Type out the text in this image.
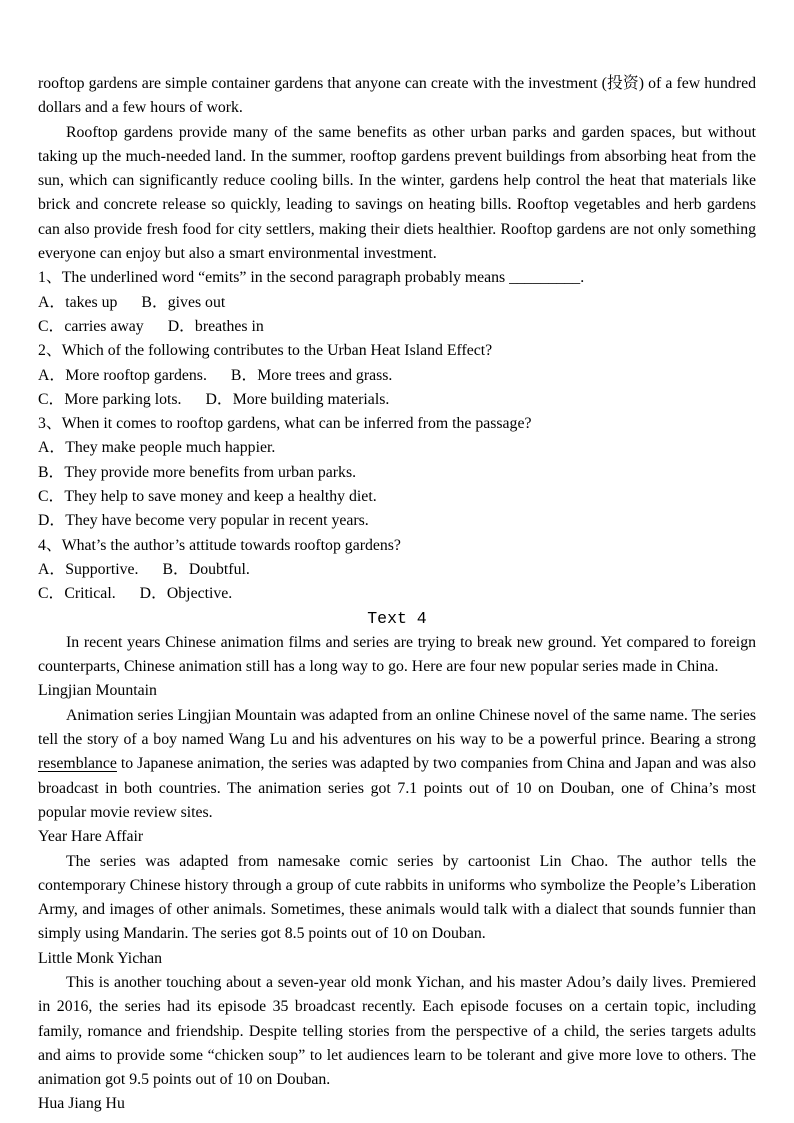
rooftop gardens are simple container gardens that anyone can create with the investment (投资) of a few hundred dollars and a few hours of work.

Rooftop gardens provide many of the same benefits as other urban parks and garden spaces, but without taking up the much-needed land. In the summer, rooftop gardens prevent buildings from absorbing heat from the sun, which can significantly reduce cooling bills. In the winter, gardens help control the heat that materials like brick and concrete release so quickly, leading to savings on heating bills. Rooftop vegetables and herb gardens can also provide fresh food for city settlers, making their diets healthier. Rooftop gardens are not only something everyone can enjoy but also a smart environmental investment.

1、The underlined word “emits” in the second paragraph probably means _________.

A．takes up B．gives out

C．carries away D．breathes in

2、Which of the following contributes to the Urban Heat Island Effect?

A．More rooftop gardens. B．More trees and grass.

C．More parking lots. D．More building materials.

3、When it comes to rooftop gardens, what can be inferred from the passage?

A．They make people much happier.

B．They provide more benefits from urban parks.

C．They help to save money and keep a healthy diet.

D．They have become very popular in recent years.

4、What’s the author’s attitude towards rooftop gardens?

A．Supportive. B．Doubtful.

C．Critical. D．Objective.

Text 4

In recent years Chinese animation films and series are trying to break new ground. Yet compared to foreign counterparts, Chinese animation still has a long way to go. Here are four new popular series made in China.

Lingjian Mountain

Animation series Lingjian Mountain was adapted from an online Chinese novel of the same name. The series tell the story of a boy named Wang Lu and his adventures on his way to be a powerful prince. Bearing a strong resemblance to Japanese animation, the series was adapted by two companies from China and Japan and was also broadcast in both countries. The animation series got 7.1 points out of 10 on Douban, one of China’s most popular movie review sites.

Year Hare Affair

The series was adapted from namesake comic series by cartoonist Lin Chao. The author tells the contemporary Chinese history through a group of cute rabbits in uniforms who symbolize the People’s Liberation Army, and images of other animals. Sometimes, these animals would talk with a dialect that sounds funnier than simply using Mandarin. The series got 8.5 points out of 10 on Douban.

Little Monk Yichan

This is another touching about a seven-year old monk Yichan, and his master Adou’s daily lives. Premiered in 2016, the series had its episode 35 broadcast recently. Each episode focuses on a certain topic, including family, romance and friendship. Despite telling stories from the perspective of a child, the series targets adults and aims to provide some “chicken soup” to let audiences learn to be tolerant and give more love to others. The animation got 9.5 points out of 10 on Douban.

Hua Jiang Hu
